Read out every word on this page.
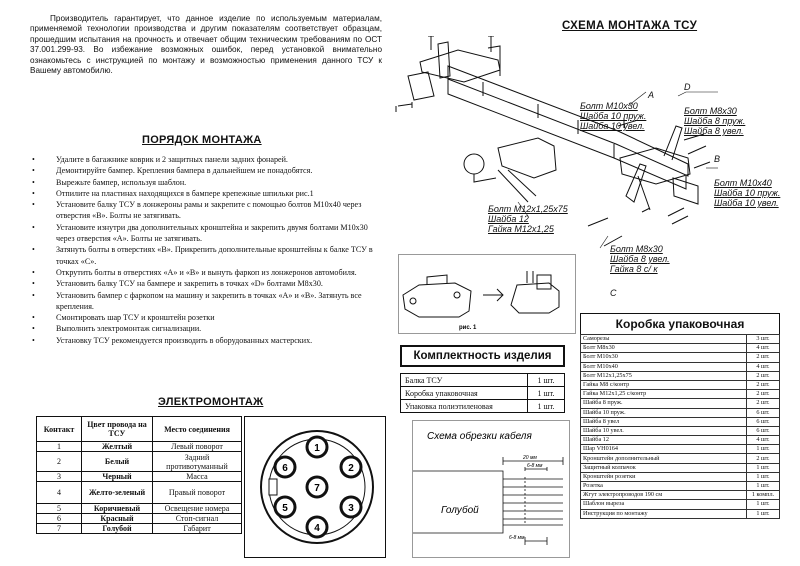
Производитель гарантирует, что данное изделие по используемым материалам, применяемой технологии производства и другим показателям соответствует образцам, прошедшим испытания на прочность и отвечает общим техническим требованиям по ОСТ 37.001.299-93. Во избежание возможных ошибок, перед установкой внимательно ознакомьтесь с инструкцией по монтажу и возможностью применения данного ТСУ к Вашему автомобилю.

ПОРЯДОК МОНТАЖА
• Удалите в багажнике коврик и 2 защитных панели задних фонарей.
• Демонтируйте бампер. Крепления бампера в дальнейшем не понадобятся.
• Вырежьте бампер, используя шаблон.
• Отпилите на пластинах находящихся в бампере крепежные шпильки рис.1
• Установите балку ТСУ в лонжероны рамы и закрепите с помощью болтов М10х40 через отверстия «В». Болты не затягивать.
• Установите изнутри два дополнительных кронштейна и закрепить двумя болтами М10х30 через отверстия «А». Болты не затягивать.
• Затянуть болты в отверстиях «В». Прикрепить дополнительные кронштейны к балке ТСУ в точках «С».
• Открутить болты в отверстиях «А» и «В» и вынуть фаркоп из лонжеронов автомобиля.
• Установить балку ТСУ на бампере и закрепить в точках «D» болтами М8х30.
• Установить бампер с фаркопом на машину и закрепить в точках «А» и «В». Затянуть все крепления.
• Смонтировать шар ТСУ и кронштейн розетки
• Выполнить электромонтаж сигнализации.
• Установку ТСУ рекомендуется производить в оборудованных мастерских.
ЭЛЕКТРОМОНТАЖ
Контакт	Цвет провода на ТСУ	Место соединения
1	Желтый	Левый поворот
2	Белый	Задний противотуманный
3	Черный	Масса
4	Желто-зеленый	Правый поворот
5	Коричневый	Освещение номера
6	Красный	Стоп-сигнал
7	Голубой	Габарит
1
2
3
4
5
6
7
СХЕМА МОНТАЖА ТСУ
A
Болт М10х30
Шайба 10 пруж.
Шайба 10 увел.
D
Болт М8х30
Шайба 8 пруж.
Шайба 8 увел.
B
Болт М10х40
Шайба 10 пруж.
Шайба 10 увел.
Болт М12х1,25х75
Шайба 12
Гайка М12х1,25
Болт М8х30
Шайба 8 увел.
Гайка 8 с/ к
C
рис. 1
Комплектность изделия
Балка ТСУ	1 шт.
Коробка упаковочная	1 шт.
Упаковка полиэтиленовая	1 шт.
Схема обрезки кабеля
20 мм
6-8 мм
6-8 мм
Голубой
Коробка упаковочная
Саморезы	3 шт.
Болт М8х30	4 шт.
Болт М10х30	2 шт.
Болт М10х40	4 шт.
Болт М12х1,25х75	2 шт.
Гайка М8 с/контр	2 шт.
Гайка М12х1,25 с/контр	2 шт.
Шайба 8 пруж.	2 шт.
Шайба 10 пруж.	6 шт.
Шайба 8 увел	6 шт.
Шайба 10 увел.	6 шт.
Шайба 12	4 шт.
Шар VH0164	1 шт.
Кронштейн дополнительный	2 шт.
Защитный колпачок	1 шт.
Кронштейн розетки	1 шт.
Розетка	1 шт.
Жгут электропроводов 190 см	1 компл.
Шаблон выреза	1 шт.
Инструкция по монтажу	1 шт.
